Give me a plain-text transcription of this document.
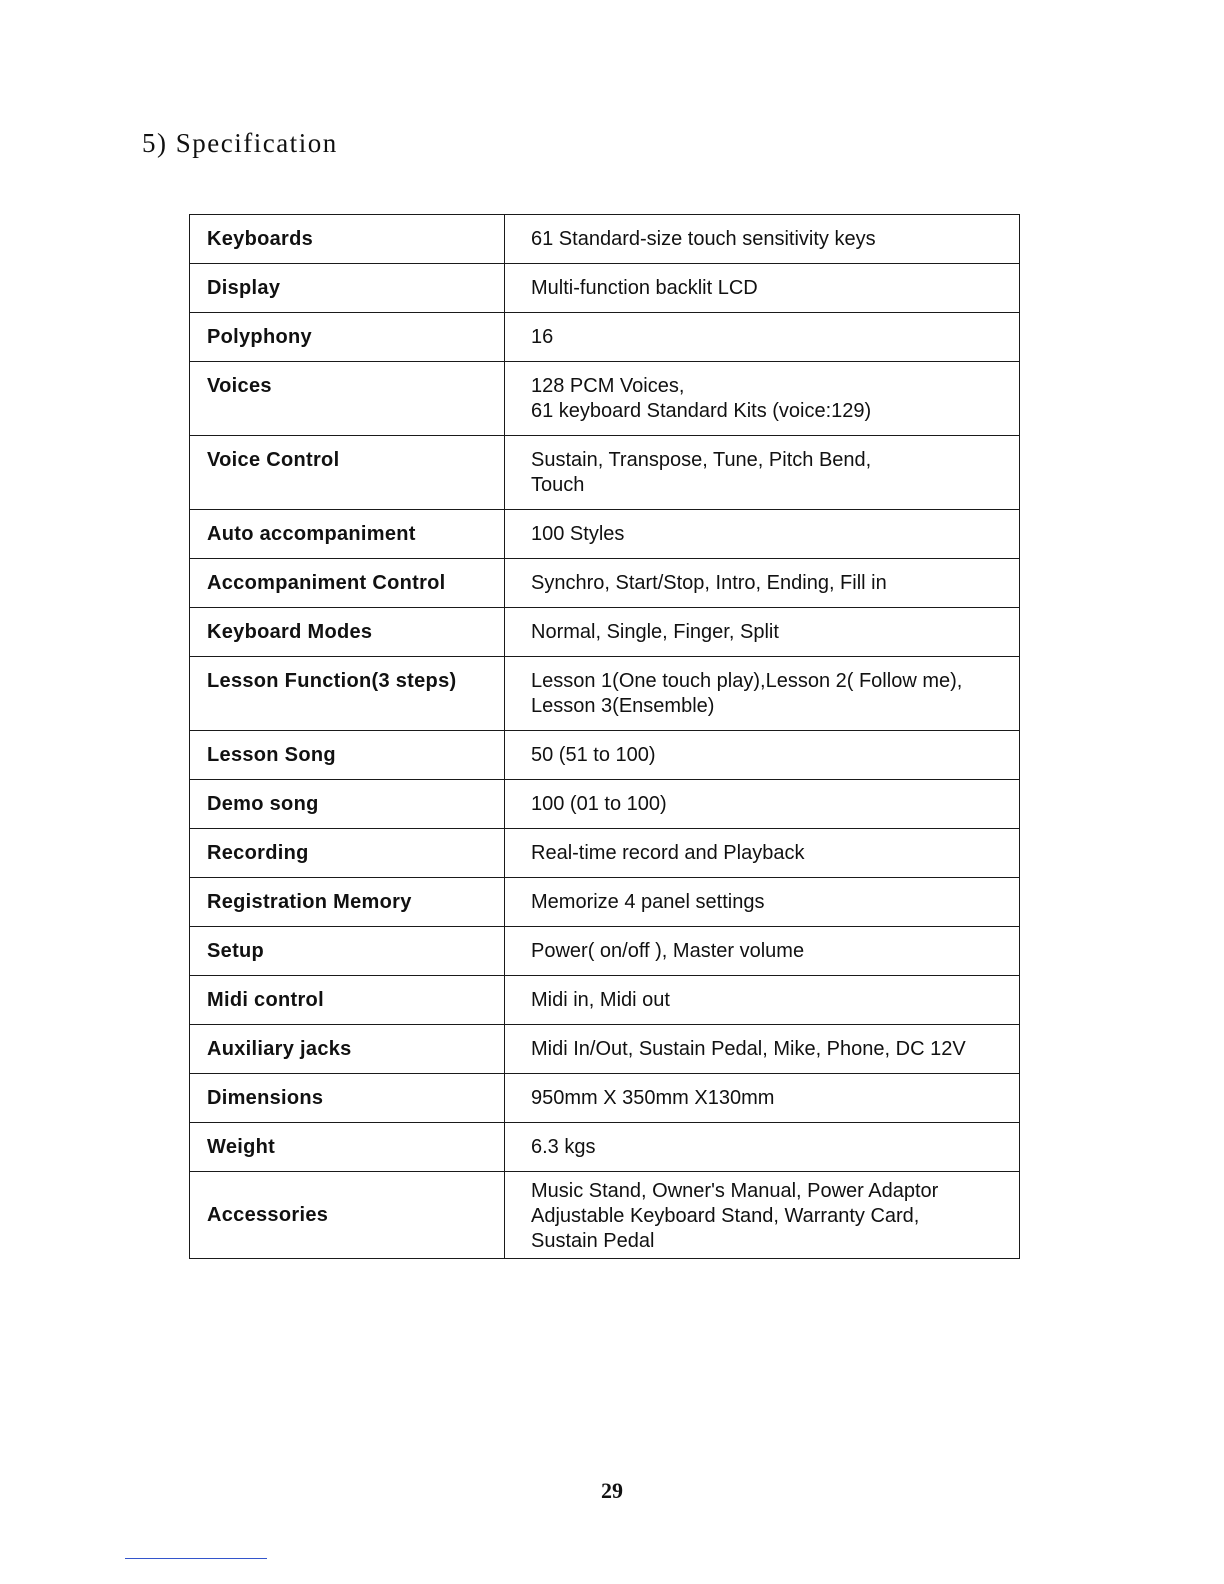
5) Specification
Keyboards	61 Standard-size touch sensitivity keys
Display	Multi-function backlit LCD
Polyphony	16
Voices	128 PCM Voices,
61 keyboard Standard Kits (voice:129)
Voice Control	Sustain, Transpose, Tune, Pitch Bend,
Touch
Auto accompaniment	100 Styles
Accompaniment Control	Synchro, Start/Stop, Intro, Ending, Fill in
Keyboard Modes	Normal, Single, Finger, Split
Lesson Function(3 steps)	Lesson 1(One touch play),Lesson 2( Follow me),
Lesson 3(Ensemble)
Lesson Song	50 (51 to 100)
Demo song	100 (01 to 100)
Recording	Real-time record and Playback
Registration Memory	Memorize 4 panel settings
Setup	Power( on/off ), Master volume
Midi control	Midi in, Midi out
Auxiliary jacks	Midi In/Out, Sustain Pedal, Mike, Phone, DC 12V
Dimensions	950mm X 350mm X130mm
Weight	6.3 kgs
Accessories	Music Stand, Owner's Manual, Power Adaptor
Adjustable Keyboard Stand, Warranty Card,
Sustain Pedal
29
